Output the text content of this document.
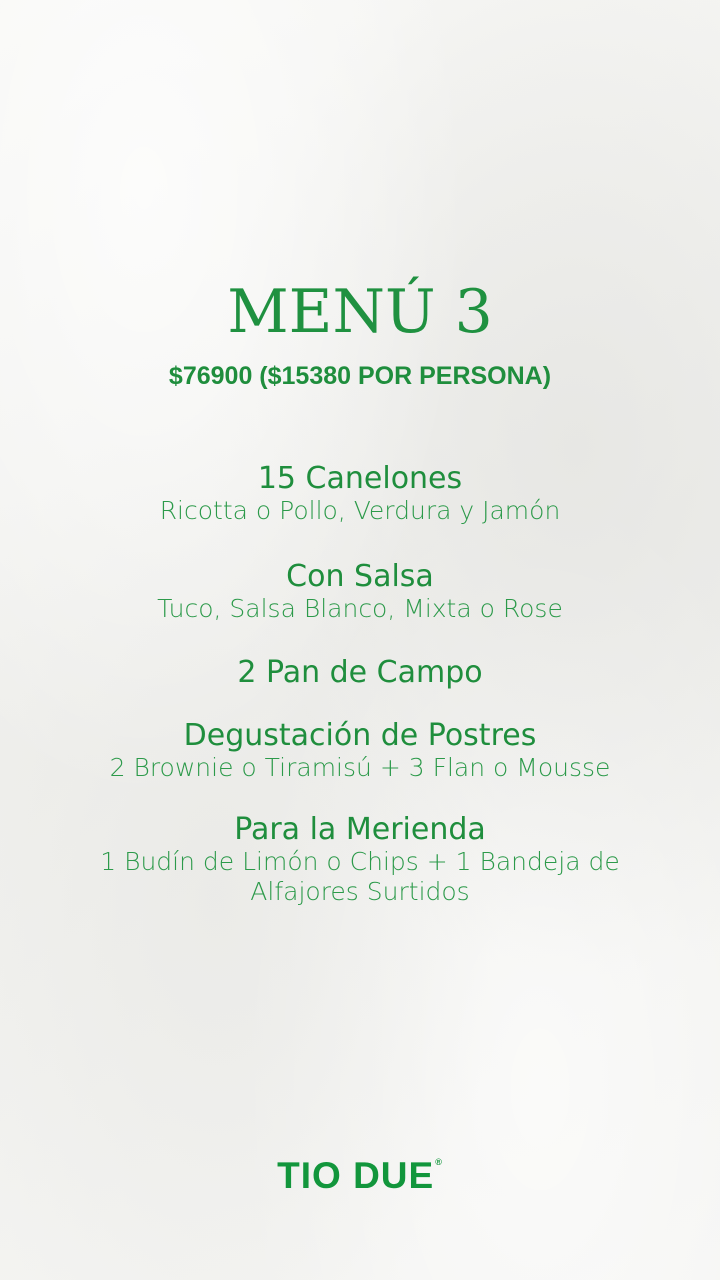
MENÚ 3
$76900 ($15380 POR PERSONA)

15 Canelones

Ricotta o Pollo, Verdura y Jamón

Con Salsa

Tuco, Salsa Blanco, Mixta o Rose

2 Pan de Campo

Degustación de Postres

2 Brownie o Tiramisú + 3 Flan o Mousse

Para la Merienda

1 Budín de Limón o Chips + 1 Bandeja de

Alfajores Surtidos

TIO DUE®
